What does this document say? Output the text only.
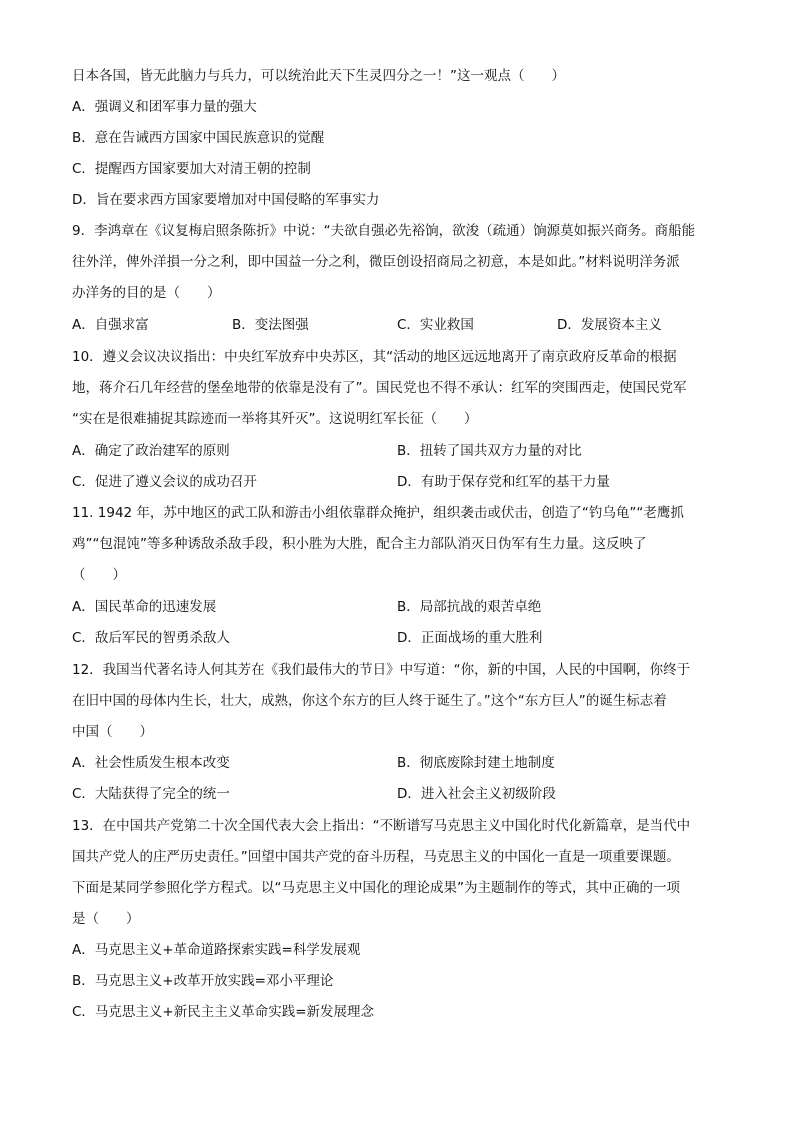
日本各国，皆无此脑力与兵力，可以统治此天下生灵四分之一！”这一观点（　　）
A．强调义和团军事力量的强大
B．意在告诫西方国家中国民族意识的觉醒
C．提醒西方国家要加大对清王朝的控制
D．旨在要求西方国家要增加对中国侵略的军事实力
9．李鸿章在《议复梅启照条陈折》中说：“夫欲自强必先裕饷，欲浚（疏通）饷源莫如振兴商务。商船能
往外洋，俾外洋損一分之利，即中国益一分之利，微臣创设招商局之初意，本是如此。”材料说明洋务派
办洋务的目的是（　　）
A．自强求富	B．变法图强	C．实业救国	D．发展资本主义
10．遵义会议决议指出：中央红军放弃中央苏区，其“活动的地区远远地离开了南京政府反革命的根据
地，蒋介石几年经营的堡垒地带的依靠是没有了”。国民党也不得不承认：红军的突围西走，使国民党军
“实在是很难捕捉其踪迹而一举将其歼灭”。这说明红军长征（　　）
A．确定了政治建军的原则	B．扭转了国共双方力量的对比
C．促进了遵义会议的成功召开	D．有助于保存党和红军的基干力量
11. 1942 年，苏中地区的武工队和游击小组依靠群众掩护，组织袭击或伏击，创造了“钓乌龟”“老鹰抓
鸡”“包混饨”等多种诱敌杀敌手段，积小胜为大胜，配合主力部队消灭日伪军有生力量。这反映了
（　　）
A．国民革命的迅速发展	B．局部抗战的艰苦卓绝
C．敌后军民的智勇杀敌人	D．正面战场的重大胜利
12．我国当代著名诗人何其芳在《我们最伟大的节日》中写道：“你，新的中国，人民的中国啊，你终于
在旧中国的母体内生长，壮大，成熟，你这个东方的巨人终于诞生了。”这个“东方巨人”的诞生标志着
中国（　　）
A．社会性质发生根本改变	B．彻底废除封建土地制度
C．大陆获得了完全的统一	D．进入社会主义初级阶段
13．在中国共产党第二十次全国代表大会上指出：“不断谱写马克思主义中国化时代化新篇章，是当代中
国共产党人的庄严历史责任。”回望中国共产党的奋斗历程，马克思主义的中国化一直是一项重要课题。
下面是某同学参照化学方程式。以“马克思主义中国化的理论成果”为主题制作的等式，其中正确的一项
是（　　）
A．马克思主义+革命道路探索实践=科学发展观
B．马克思主义+改革开放实践=邓小平理论
C．马克思主义+新民主主义革命实践=新发展理念
